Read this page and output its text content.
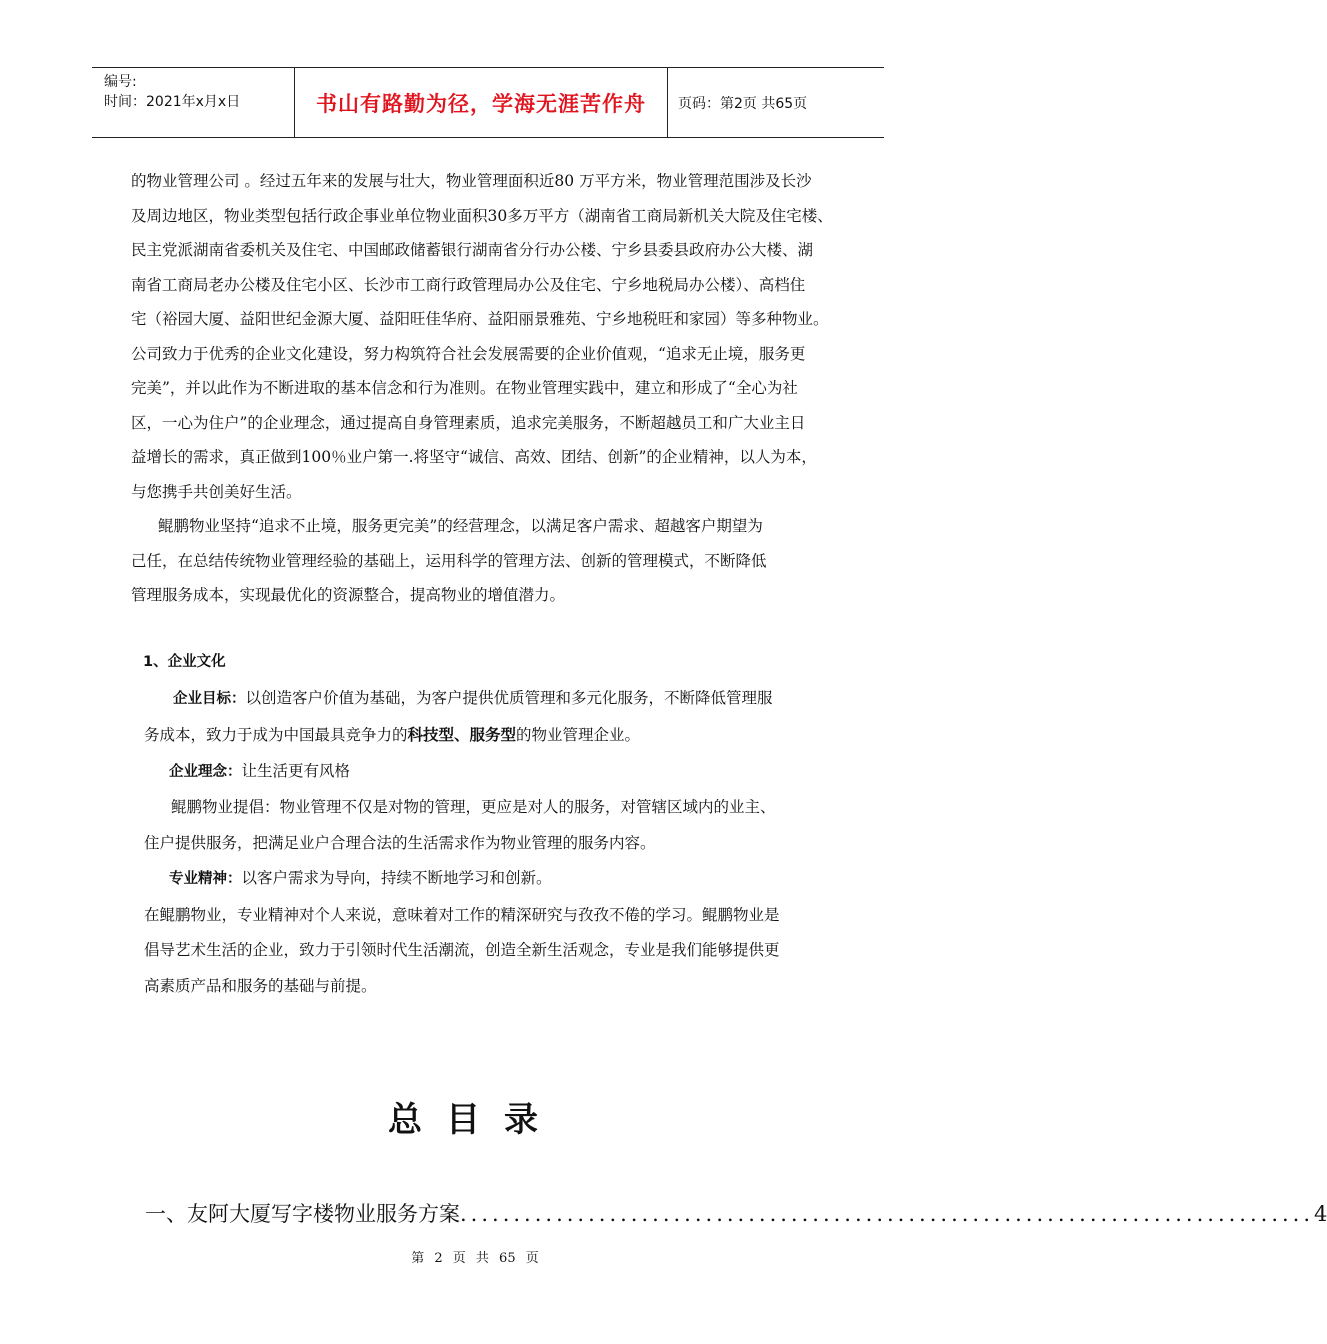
编号:
时间：2021年x月x日	书山有路勤为径，学海无涯苦作舟 页码：第2页 共65页

的物业管理公司 。经过五年来的发展与壮大，物业管理面积近80 万平方米，物业管理范围涉及长沙

及周边地区，物业类型包括行政企事业单位物业面积30多万平方（湖南省工商局新机关大院及住宅楼、

民主党派湖南省委机关及住宅、中国邮政储蓄银行湖南省分行办公楼、宁乡县委县政府办公大楼、湖

南省工商局老办公楼及住宅小区、长沙市工商行政管理局办公及住宅、宁乡地税局办公楼）、高档住

宅（裕园大厦、益阳世纪金源大厦、益阳旺佳华府、益阳丽景雅苑、宁乡地税旺和家园）等多种物业。

公司致力于优秀的企业文化建设，努力构筑符合社会发展需要的企业价值观，“追求无止境，服务更

完美”，并以此作为不断进取的基本信念和行为准则。在物业管理实践中，建立和形成了“全心为社

区，一心为住户”的企业理念，通过提高自身管理素质，追求完美服务，不断超越员工和广大业主日

益增长的需求，真正做到100％业户第一.将坚守“诚信、高效、团结、创新”的企业精神，以人为本，

与您携手共创美好生活。

鲲鹏物业坚持“追求不止境，服务更完美”的经营理念，以满足客户需求、超越客户期望为

己任，在总结传统物业管理经验的基础上，运用科学的管理方法、创新的管理模式，不断降低

管理服务成本，实现最优化的资源整合，提高物业的增值潜力。

1、企业文化

企业目标：以创造客户价值为基础，为客户提供优质管理和多元化服务，不断降低管理服

务成本，致力于成为中国最具竞争力的科技型、服务型的物业管理企业。

企业理念：让生活更有风格

鲲鹏物业提倡：物业管理不仅是对物的管理，更应是对人的服务，对管辖区域内的业主、

住户提供服务，把满足业户合理合法的生活需求作为物业管理的服务内容。

专业精神：以客户需求为导向，持续不断地学习和创新。

在鲲鹏物业，专业精神对个人来说，意味着对工作的精深研究与孜孜不倦的学习。鲲鹏物业是

倡导艺术生活的企业，致力于引领时代生活潮流，创造全新生活观念，专业是我们能够提供更

高素质产品和服务的基础与前提。

总目录
一、友阿大厦写字楼物业服务方案 ................................................................................ 4
第 2 页 共 65 页
